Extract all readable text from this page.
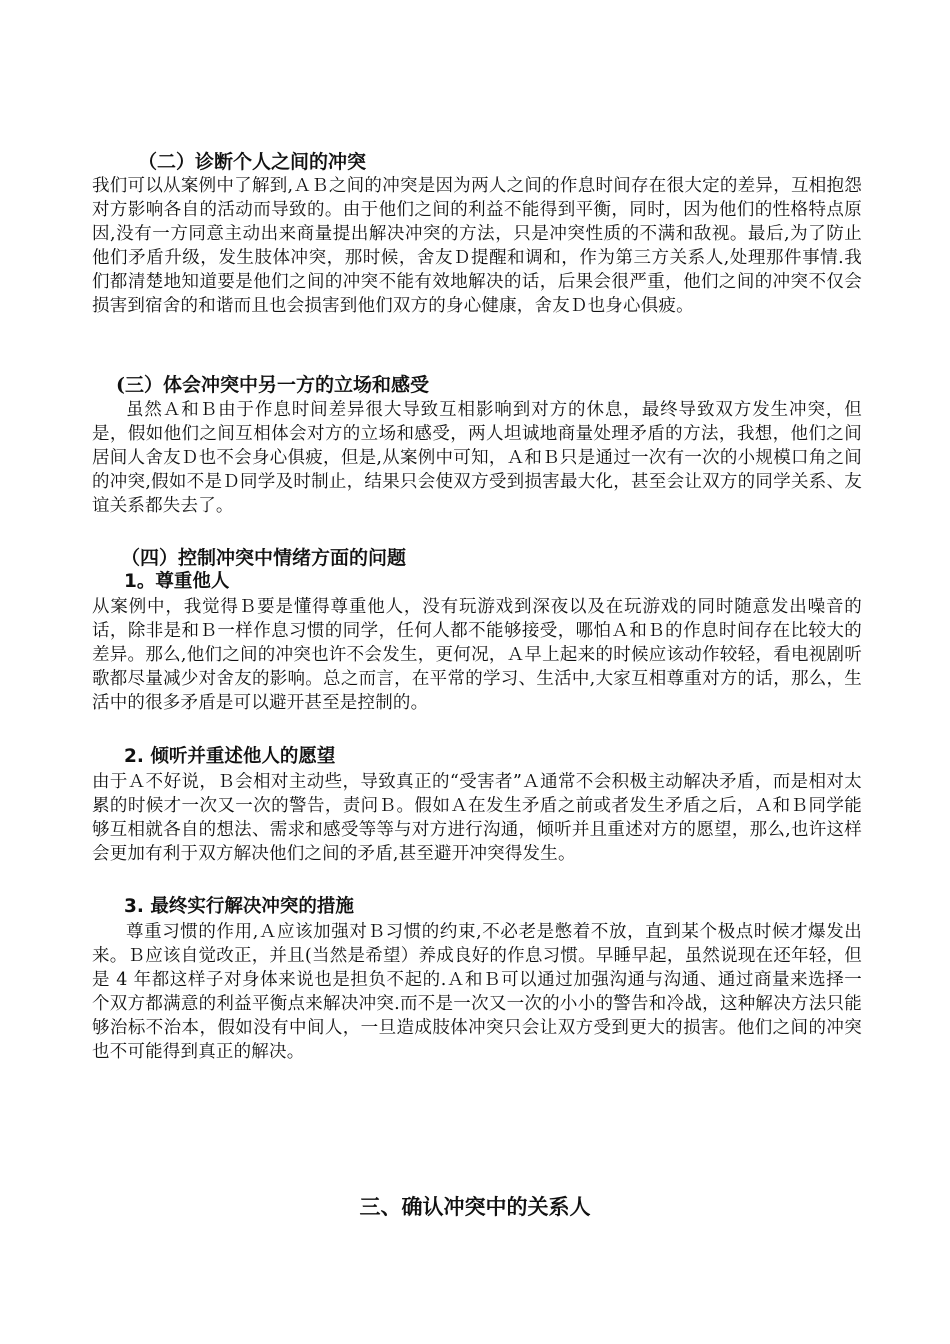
（二）诊断个人之间的冲突

我们可以从案例中了解到,ＡＢ之间的冲突是因为两人之间的作息时间存在很大定的差异，互相抱怨对方影响各自的活动而导致的。由于他们之间的利益不能得到平衡，同时，因为他们的性格特点原因,没有一方同意主动出来商量提出解决冲突的方法，只是冲突性质的不满和敌视。最后,为了防止他们矛盾升级，发生肢体冲突，那时候，舍友Ｄ提醒和调和，作为第三方关系人,处理那件事情.我们都清楚地知道要是他们之间的冲突不能有效地解决的话，后果会很严重，他们之间的冲突不仅会损害到宿舍的和谐而且也会损害到他们双方的身心健康，舍友Ｄ也身心俱疲。

(三）体会冲突中另一方的立场和感受

虽然Ａ和Ｂ由于作息时间差异很大导致互相影响到对方的休息，最终导致双方发生冲突，但是，假如他们之间互相体会对方的立场和感受，两人坦诚地商量处理矛盾的方法，我想，他们之间居间人舍友Ｄ也不会身心俱疲，但是,从案例中可知，Ａ和Ｂ只是通过一次有一次的小规模口角之间的冲突,假如不是Ｄ同学及时制止，结果只会使双方受到损害最大化，甚至会让双方的同学关系、友谊关系都失去了。

（四）控制冲突中情绪方面的问题
1。尊重他人

从案例中，我觉得Ｂ要是懂得尊重他人，没有玩游戏到深夜以及在玩游戏的同时随意发出噪音的话，除非是和Ｂ一样作息习惯的同学，任何人都不能够接受，哪怕Ａ和Ｂ的作息时间存在比较大的差异。那么,他们之间的冲突也许不会发生，更何况，Ａ早上起来的时候应该动作较轻，看电视剧听歌都尽量减少对舍友的影响。总之而言，在平常的学习、生活中,大家互相尊重对方的话，那么，生活中的很多矛盾是可以避开甚至是控制的。

2. 倾听并重述他人的愿望

由于Ａ不好说，Ｂ会相对主动些，导致真正的“受害者”Ａ通常不会积极主动解决矛盾，而是相对太累的时候才一次又一次的警告，责问Ｂ。假如Ａ在发生矛盾之前或者发生矛盾之后，Ａ和Ｂ同学能够互相就各自的想法、需求和感受等等与对方进行沟通，倾听并且重述对方的愿望，那么,也许这样会更加有利于双方解决他们之间的矛盾,甚至避开冲突得发生。

3. 最终实行解决冲突的措施

尊重习惯的作用,Ａ应该加强对Ｂ习惯的约束,不必老是憋着不放，直到某个极点时候才爆发出来。Ｂ应该自觉改正，并且(当然是希望）养成良好的作息习惯。早睡早起，虽然说现在还年轻，但是 4 年都这样子对身体来说也是担负不起的.Ａ和Ｂ可以通过加强沟通与沟通、通过商量来选择一个双方都满意的利益平衡点来解决冲突.而不是一次又一次的小小的警告和冷战，这种解决方法只能够治标不治本，假如没有中间人，一旦造成肢体冲突只会让双方受到更大的损害。他们之间的冲突也不可能得到真正的解决。

三、确认冲突中的关系人
